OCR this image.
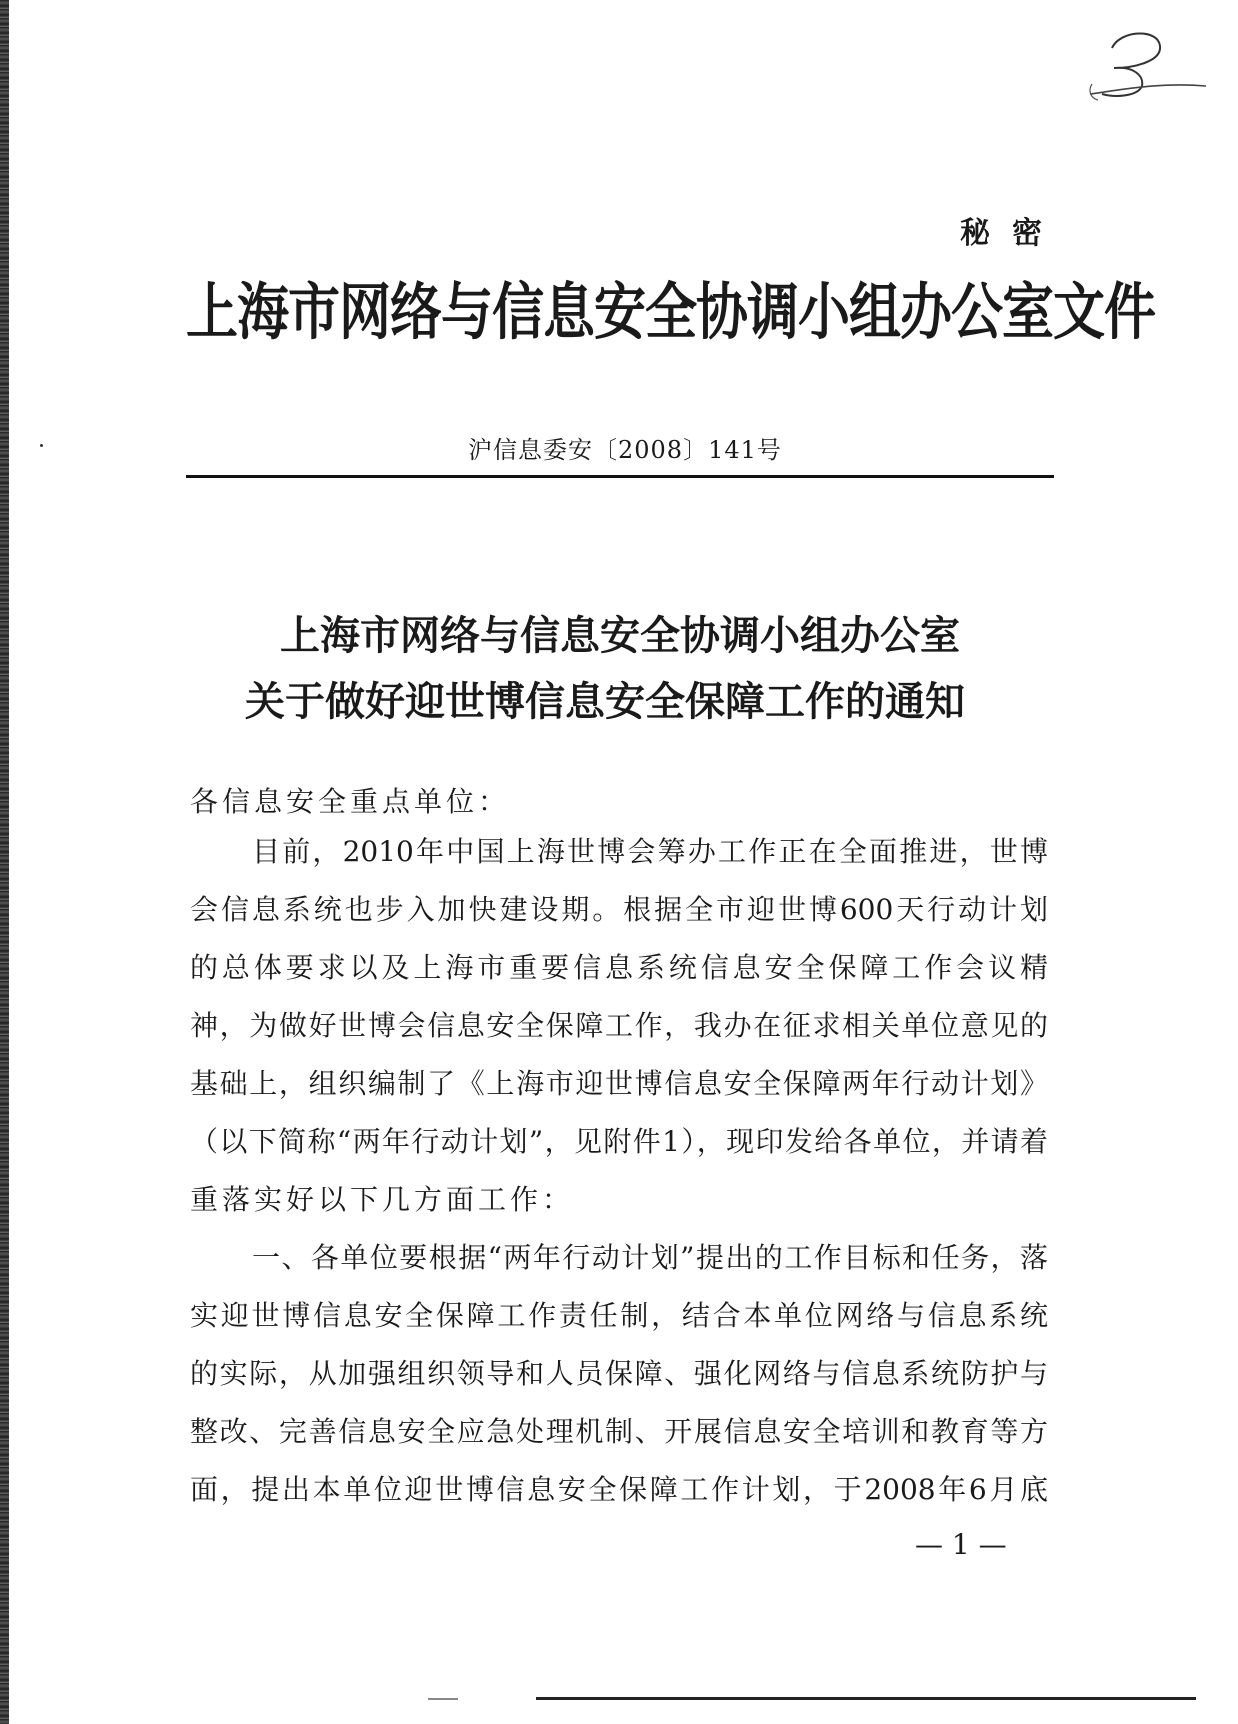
秘密
上海市网络与信息安全协调小组办公室文件
沪信息委安〔2008〕141号
上海市网络与信息安全协调小组办公室
关于做好迎世博信息安全保障工作的通知
各信息安全重点单位：
目前，2010年中国上海世博会筹办工作正在全面推进，世博
会信息系统也步入加快建设期。根据全市迎世博600天行动计划
的总体要求以及上海市重要信息系统信息安全保障工作会议精
神，为做好世博会信息安全保障工作，我办在征求相关单位意见的
基础上，组织编制了《上海市迎世博信息安全保障两年行动计划》
（以下简称“两年行动计划”，见附件1），现印发给各单位，并请着
重落实好以下几方面工作：
一、各单位要根据“两年行动计划”提出的工作目标和任务，落
实迎世博信息安全保障工作责任制，结合本单位网络与信息系统
的实际，从加强组织领导和人员保障、强化网络与信息系统防护与
整改、完善信息安全应急处理机制、开展信息安全培训和教育等方
面，提出本单位迎世博信息安全保障工作计划，于2008年6月底
— 1 —
